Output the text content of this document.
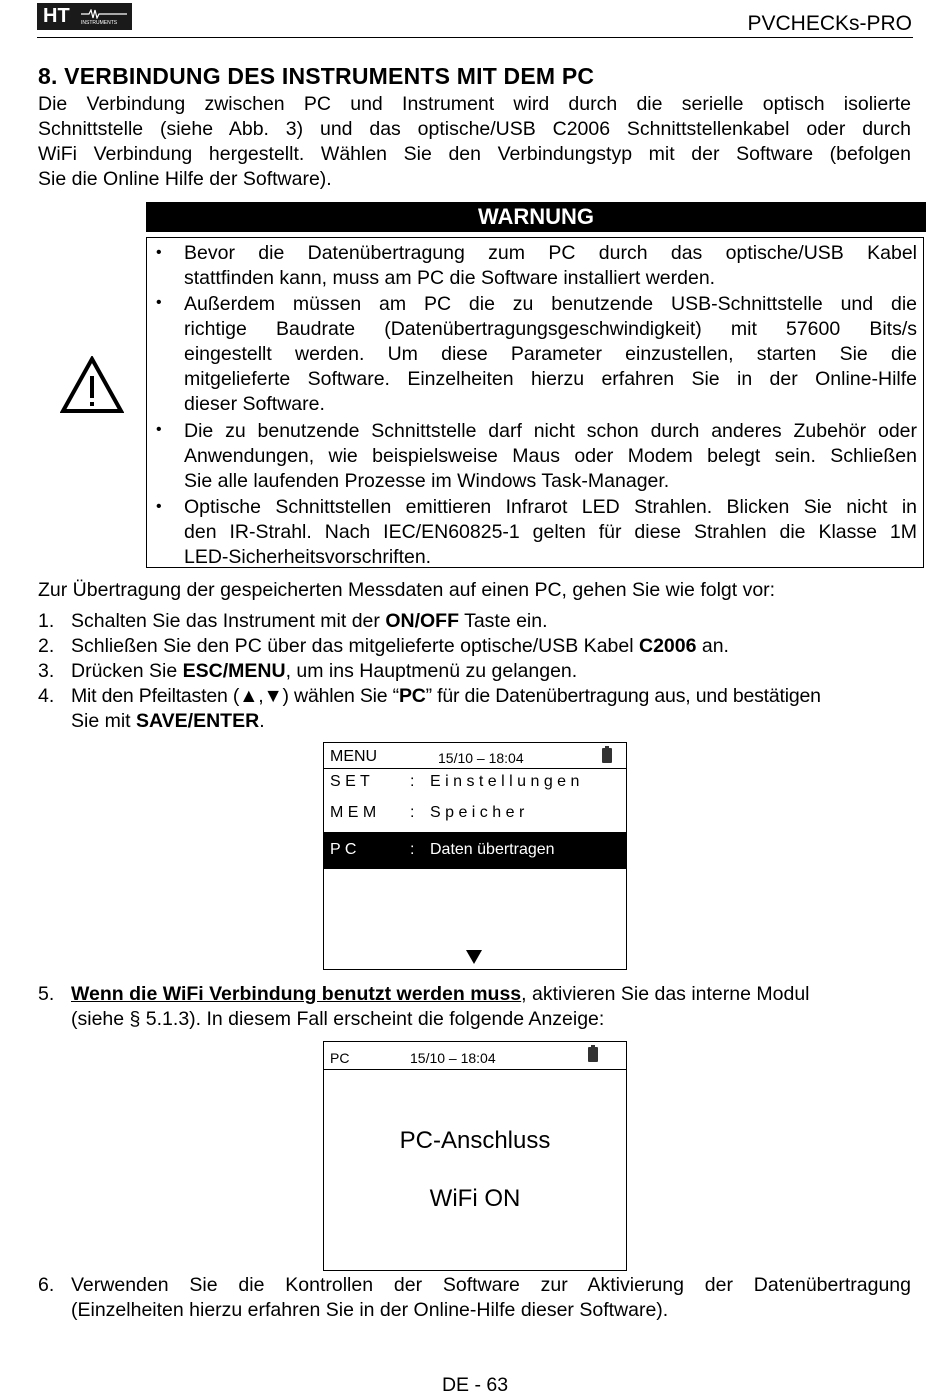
HT INSTRUMENTS	PVCHECKs-PRO
8. VERBINDUNG DES INSTRUMENTS MIT DEM PC
Die Verbindung zwischen PC und Instrument wird durch die serielle optisch isolierte
Schnittstelle (siehe Abb. 3) und das optische/USB C2006 Schnittstellenkabel oder durch
WiFi Verbindung hergestellt. Wählen Sie den Verbindungstyp mit der Software (befolgen
Sie die Online Hilfe der Software).
WARNUNG
• Bevor die Datenübertragung zum PC durch das optische/USB Kabel
stattfinden kann, muss am PC die Software installiert werden.
• Außerdem müssen am PC die zu benutzende USB-Schnittstelle und die
richtige Baudrate (Datenübertragungsgeschwindigkeit) mit 57600 Bits/s
eingestellt werden. Um diese Parameter einzustellen, starten Sie die
mitgelieferte Software. Einzelheiten hierzu erfahren Sie in der Online-Hilfe
dieser Software.
• Die zu benutzende Schnittstelle darf nicht schon durch anderes Zubehör oder
Anwendungen, wie beispielsweise Maus oder Modem belegt sein. Schließen
Sie alle laufenden Prozesse im Windows Task-Manager.
• Optische Schnittstellen emittieren Infrarot LED Strahlen. Blicken Sie nicht in
den IR-Strahl. Nach IEC/EN60825-1 gelten für diese Strahlen die Klasse 1M
LED-Sicherheitsvorschriften.
Zur Übertragung der gespeicherten Messdaten auf einen PC, gehen Sie wie folgt vor:
1. Schalten Sie das Instrument mit der ON/OFF Taste ein.
2. Schließen Sie den PC über das mitgelieferte optische/USB Kabel C2006 an.
3. Drücken Sie ESC/MENU, um ins Hauptmenü zu gelangen.
4. Mit den Pfeiltasten (▲,▼) wählen Sie “PC” für die Datenübertragung aus, und bestätigen
Sie mit SAVE/ENTER.
MENU	15/10 – 18:04
S E T	: E i n s t e l l u n g e n
M E M : S p e i c h e r
P C	: Daten übertragen
5. Wenn die WiFi Verbindung benutzt werden muss, aktivieren Sie das interne Modul
(siehe § 5.1.3). In diesem Fall erscheint die folgende Anzeige:
PC	15/10 – 18:04
PC-Anschluss
WiFi ON
6. Verwenden Sie die Kontrollen der Software zur Aktivierung der Datenübertragung
(Einzelheiten hierzu erfahren Sie in der Online-Hilfe dieser Software).
DE - 63
